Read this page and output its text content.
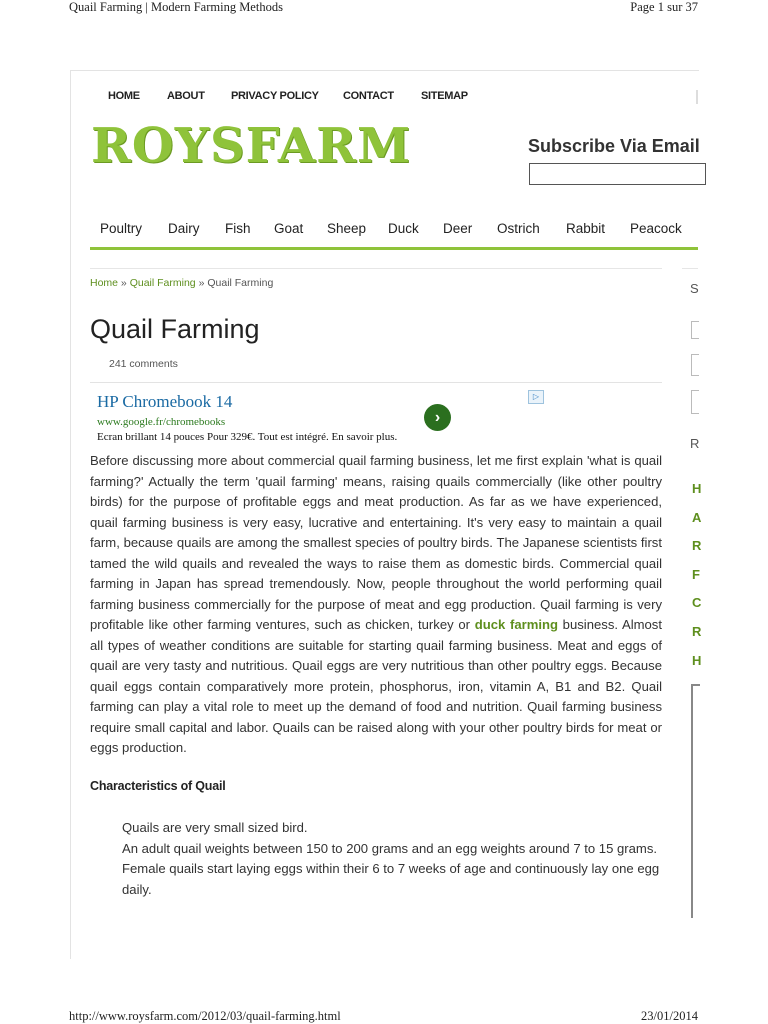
Quail Farming | Modern Farming Methods	Page 1 sur 37
http://www.roysfarm.com/2012/03/quail-farming.html	23/01/2014
HOME ABOUT PRIVACY POLICY CONTACT SITEMAP
ROYSFARM	Subscribe Via Email
Poultry Dairy Fish Goat Sheep Duck Deer Ostrich Rabbit Peacock
Home » Quail Farming » Quail Farming
Quail Farming
241 comments
HP Chromebook 14
www.google.fr/chromebooks
Ecran brillant 14 pouces Pour 329€. Tout est intégré. En savoir plus.
›
▷

Before discussing more about commercial quail farming business, let me first explain 'what is quail farming?' Actually the term 'quail farming' means, raising quails commercially (like other poultry birds) for the purpose of profitable eggs and meat production. As far as we have experienced, quail farming business is very easy, lucrative and entertaining. It's very easy to maintain a quail farm, because quails are among the smallest species of poultry birds. The Japanese scientists first tamed the wild quails and revealed the ways to raise them as domestic birds. Commercial quail farming in Japan has spread tremendously. Now, people throughout the world performing quail farming business commercially for the purpose of meat and egg production. Quail farming is very profitable like other farming ventures, such as chicken, turkey or duck farming business. Almost all types of weather conditions are suitable for starting quail farming business. Meat and eggs of quail are very tasty and nutritious. Quail eggs are very nutritious than other poultry eggs. Because quail eggs contain comparatively more protein, phosphorus, iron, vitamin A, B1 and B2. Quail farming can play a vital role to meet up the demand of food and nutrition. Quail farming business require small capital and labor. Quails can be raised along with your other poultry birds for meat or eggs production.

Characteristics of Quail
Quails are very small sized bird.
An adult quail weights between 150 to 200 grams and an egg weights around 7 to 15 grams.
Female quails start laying eggs within their 6 to 7 weeks of age and continuously lay one egg daily.
S
R
H
A
R
F
C
R
H
